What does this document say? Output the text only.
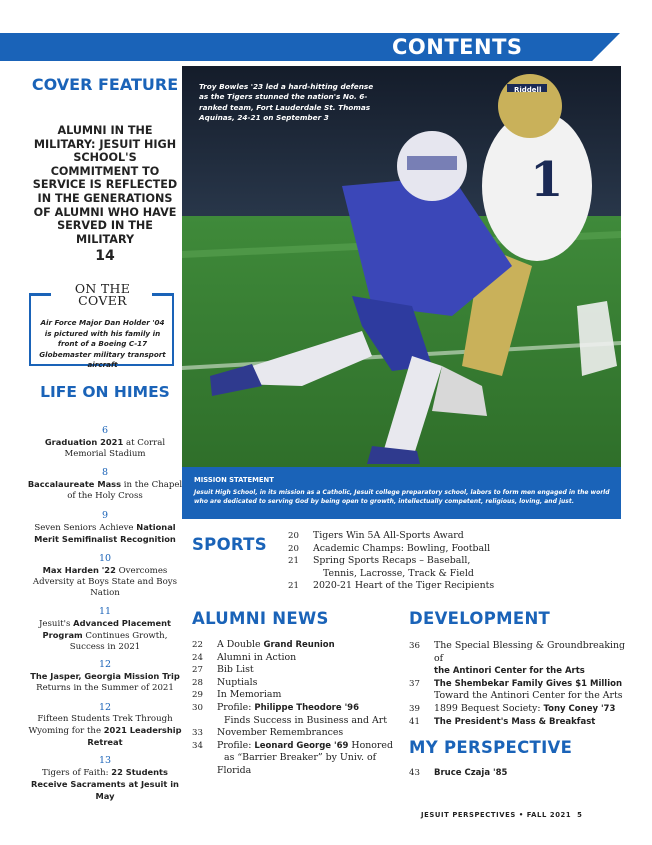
CONTENTS
COVER FEATURE
ALUMNI IN THE MILITARY: JESUIT HIGH SCHOOL'S COMMITMENT TO SERVICE IS REFLECTED IN THE GENERATIONS OF ALUMNI WHO HAVE SERVED IN THE MILITARY
14
ON THE
COVER
Air Force Major Dan Holder '04 is pictured with his family in front of a Boeing C-17 Globemaster military transport aircraft
LIFE ON HIMES
6
Graduation 2021 at Corral Memorial Stadium
8
Baccalaureate Mass in the Chapel of the Holy Cross
9
Seven Seniors Achieve National Merit Semifinalist Recognition
10
Max Harden '22 Overcomes Adversity at Boys State and Boys Nation
11
Jesuit's Advanced Placement Program Continues Growth, Success in 2021
12
The Jasper, Georgia Mission Trip Returns in the Summer of 2021
12
Fifteen Students Trek Through Wyoming for the 2021 Leadership Retreat
13
Tigers of Faith: 22 Students Receive Sacraments at Jesuit in May
Riddell
1
Troy Bowles '23 led a hard-hitting defense as the Tigers stunned the nation's No. 6-ranked team, Fort Lauderdale St. Thomas Aquinas, 24-21 on September 3
MISSION STATEMENT
Jesuit High School, in its mission as a Catholic, Jesuit college preparatory school, labors to form men engaged in the world who are dedicated to serving God by being open to growth, intellectually competent, religious, loving, and just.
SPORTS 20 Tigers Win 5A All-Sports Award
20 Academic Champs: Bowling, Football
21 Spring Sports Recaps – Baseball,
Tennis, Lacrosse, Track & Field
21 2020-21 Heart of the Tiger Recipients
ALUMNI NEWS
22 A Double Grand Reunion
24 Alumni in Action
27 Bib List
28 Nuptials
29 In Memoriam
30 Profile: Philippe Theodore '96
Finds Success in Business and Art
33 November Remembrances
34 Profile: Leonard George '69 Honored
as “Barrier Breaker” by Univ. of Florida
DEVELOPMENT
36 The Special Blessing & Groundbreaking of
the Antinori Center for the Arts
37 The Shembekar Family Gives $1 Million
Toward the Antinori Center for the Arts
39 1899 Bequest Society: Tony Coney '73
41 The President's Mass & Breakfast
MY PERSPECTIVE
43 Bruce Czaja '85
JESUIT PERSPECTIVES • FALL 2021 5
